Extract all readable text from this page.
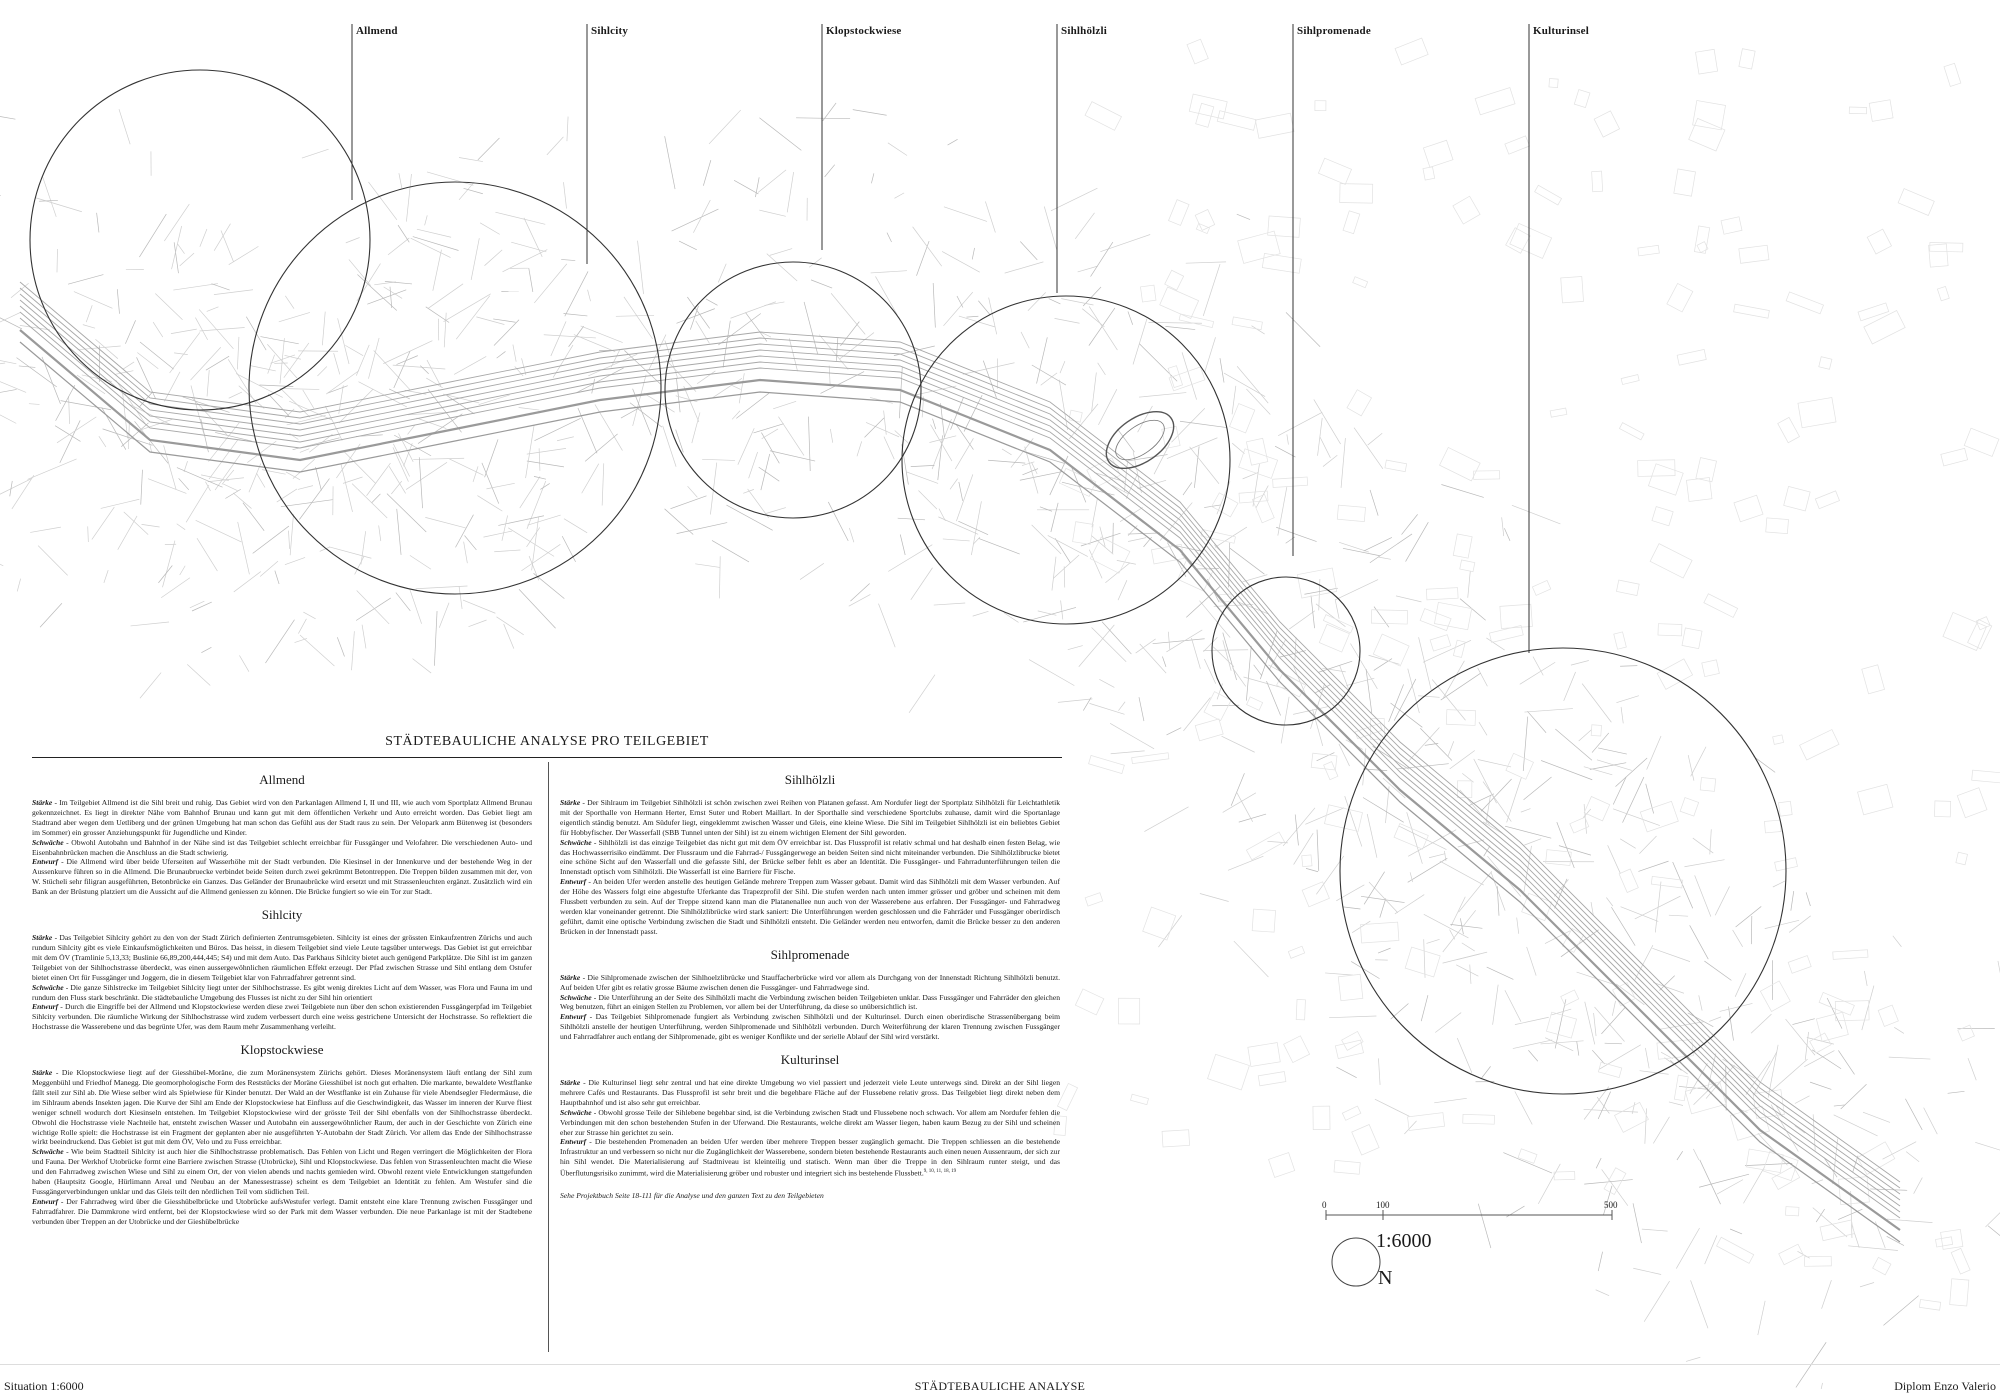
Allmend	Sihlcity	Klopstockwiese	Sihlhölzli	Sihlpromenade	Kulturinsel
STÄDTEBAULICHE ANALYSE PRO TEILGEBIET
Allmend
Stärke - Im Teilgebiet Allmend ist die Sihl breit und ruhig. Das Gebiet wird von den Parkanlagen Allmend I, II und III, wie auch vom Sportplatz Allmend Brunau gekennzeichnet. Es liegt in direkter Nähe vom Bahnhof Brunau und kann gut mit dem öffentlichen Verkehr und Auto erreicht worden. Das Gebiet liegt am Stadtrand aber wegen dem Uetliberg und der grünen Umgebung hat man schon das Gefühl aus der Stadt raus zu sein. Der Velopark anm Bütenweg ist (besonders im Sommer) ein grosser Anziehungspunkt für Jugendliche und Kinder.
Schwäche - Obwohl Autobahn und Bahnhof in der Nähe sind ist das Teilgebiet schlecht erreichbar für Fussgänger und Velofahrer. Die verschiedenen Auto- und Eisenbahnbrücken machen die Anschluss an die Stadt schwierig.
Entwurf - Die Allmend wird über beide Uferseiten auf Wasserhöhe mit der Stadt verbunden. Die Kiesinsel in der Innenkurve und der bestehende Weg in der Aussenkurve führen so in die Allmend. Die Brunaubruecke verbindet beide Seiten durch zwei gekrümmt Betontreppen. Die Treppen bilden zusammen mit der, von W. Stücheli sehr filigran ausgeführten, Betonbrücke ein Ganzes. Das Geländer der Brunaubrücke wird ersetzt und mit Strassenleuchten ergänzt. Zusätzlich wird ein Bank an der Brüstung platziert um die Aussicht auf die Allmend geniessen zu können. Die Brücke fungiert so wie ein Tor zur Stadt.
Sihlcity
Stärke - Das Teilgebiet Sihlcity gehört zu den von der Stadt Zürich definierten Zentrumsgebieten. Sihlcity ist eines der grössten Einkaufzentren Zürichs und auch rundum Sihlcity gibt es viele Einkaufsmöglichkeiten und Büros. Das heisst, in diesem Teilgebiet sind viele Leute tagsüber unterwegs. Das Gebiet ist gut erreichbar mit dem ÖV (Tramlinie 5,13,33; Buslinie 66,89,200,444,445; S4) und mit dem Auto. Das Parkhaus Sihlcity bietet auch genügend Parkplätze. Die Sihl ist im ganzen Teilgebiet von der Sihlhochstrasse überdeckt, was einen aussergewöhnlichen räumlichen Effekt erzeugt. Der Pfad zwischen Strasse und Sihl entlang dem Ostufer bietet einen Ort für Fussgänger und Joggern, die in diesem Teilgebiet klar von Fahrradfahrer getrennt sind.
Schwäche - Die ganze Sihlstrecke im Teilgebiet Sihlcity liegt unter der Sihlhochstrasse. Es gibt wenig direktes Licht auf dem Wasser, was Flora und Fauna im und rundum den Fluss stark beschränkt. Die städtebauliche Umgebung des Flusses ist nicht zu der Sihl hin orientiert
Entwurf - Durch die Eingriffe bei der Allmend und Klopstockwiese werden diese zwei Teilgebiete nun über den schon existierenden Fussgängerpfad im Teilgebiet Sihlcity verbunden. Die räumliche Wirkung der Sihlhochstrasse wird zudem verbessert durch eine weiss gestrichene Untersicht der Hochstrasse. So reflektiert die Hochstrasse die Wasserebene und das begrünte Ufer, was dem Raum mehr Zusammenhang verleiht.
Klopstockwiese
Stärke - Die Klopstockwiese liegt auf der Giesshübel-Moräne, die zum Moränensystem Zürichs gehört. Dieses Moränensystem läuft entlang der Sihl zum Meggenbühl und Friedhof Manegg. Die geomorphologische Form des Reststücks der Moräne Giesshübel ist noch gut erhalten. Die markante, bewaldete Westflanke fällt steil zur Sihl ab. Die Wiese selber wird als Spielwiese für Kinder benutzt. Der Wald an der Westflanke ist ein Zuhause für viele Abendsegler Fledermäuse, die im Sihlraum abends Insekten jagen. Die Kurve der Sihl am Ende der Klopstockwiese hat Einfluss auf die Geschwindigkeit, das Wasser im inneren der Kurve fliest weniger schnell wodurch dort Kiesinseln entstehen. Im Teilgebiet Klopstockwiese wird der grösste Teil der Sihl ebenfalls von der Sihlhochstrasse überdeckt. Obwohl die Hochstrasse viele Nachteile hat, entsteht zwischen Wasser und Autobahn ein aussergewöhnlicher Raum, der auch in der Geschichte von Zürich eine wichtige Rolle spielt: die Hochstrasse ist ein Fragment der geplanten aber nie ausgeführten Y-Autobahn der Stadt Zürich. Vor allem das Ende der Sihlhochstrasse wirkt beeindruckend. Das Gebiet ist gut mit dem ÖV, Velo und zu Fuss erreichbar.
Schwäche - Wie beim Stadtteil Sihlcity ist auch hier die Sihlhochstrasse problematisch. Das Fehlen von Licht und Regen verringert die Möglichkeiten der Flora und Fauna. Der Werkhof Utobrücke formt eine Barriere zwischen Strasse (Utobrücke), Sihl und Klopstockwiese. Das fehlen von Strassenleuchten macht die Wiese und den Fahrradweg zwischen Wiese und Sihl zu einem Ort, der von vielen abends und nachts gemieden wird. Obwohl rezent viele Entwicklungen stattgefunden haben (Hauptsitz Google, Hürlimann Areal und Neubau an der Manessestrasse) scheint es dem Teilgebiet an Identität zu fehlen. Am Westufer sind die Fussgängerverbindungen unklar und das Gleis teilt den nördlichen Teil vom südlichen Teil.
Entwurf - Der Fahrradweg wird über die Giesshübelbrücke und Utobrücke aufsWestufer verlegt. Damit entsteht eine klare Trennung zwischen Fussgänger und Fahrradfahrer. Die Dammkrone wird entfernt, bei der Klopstockwiese wird so der Park mit dem Wasser verbunden. Die neue Parkanlage ist mit der Stadtebene verbunden über Treppen an der Utobrücke und der Gieshübelbrücke
Sihlhölzli
Stärke - Der Sihlraum im Teilgebiet Sihlhölzli ist schön zwischen zwei Reihen von Platanen gefasst. Am Nordufer liegt der Sportplatz Sihlhölzli für Leichtathletik mit der Sporthalle von Hermann Herter, Ernst Suter und Robert Maillart. In der Sporthalle sind verschiedene Sportclubs zuhause, damit wird die Sportanlage eigentlich ständig benutzt. Am Südufer liegt, eingeklemmt zwischen Wasser und Gleis, eine kleine Wiese. Die Sihl im Teilgebiet Sihlhölzli ist ein beliebtes Gebiet für Hobbyfischer. Der Wasserfall (SBB Tunnel unten der Sihl) ist zu einem wichtigen Element der Sihl geworden.
Schwäche - Sihlhölzli ist das einzige Teilgebiet das nicht gut mit dem ÖV erreichbar ist. Das Flussprofil ist relativ schmal und hat deshalb einen festen Belag, wie das Hochwasserrisiko eindämmt. Der Flussraum und die Fahrrad-/ Fussgängerwege an beiden Seiten sind nicht miteinander verbunden. Die Sihlhölzlibrucke bietet eine schöne Sicht auf den Wasserfall und die gefasste Sihl, der Brücke selber fehlt es aber an Identität. Die Fussgänger- und Fahrradunterführungen teilen die Innenstadt optisch vom Sihlhölzli. Die Wasserfall ist eine Barriere für Fische.
Entwurf - An beiden Ufer werden anstelle des heutigen Gelände mehrere Treppen zum Wasser gebaut. Damit wird das Sihlhölzli mit dem Wasser verbunden. Auf der Höhe des Wassers folgt eine abgestufte Uferkante das Trapezprofil der Sihl. Die stufen werden nach unten immer grösser und gröber und scheinen mit dem Flussbett verbunden zu sein. Auf der Treppe sitzend kann man die Platanenallee nun auch von der Wasserebene aus erfahren. Der Fussgänger- und Fahrradweg werden klar voneinander getrennt. Die Sihlhölzlibrücke wird stark saniert: Die Unterführungen werden geschlossen und die Fahrräder und Fussgänger oberirdisch geführt, damit eine optische Verbindung zwischen die Stadt und Sihlhölzli entsteht. Die Geländer werden neu entworfen, damit die Brücke besser zu den anderen Brücken in der Innenstadt passt.
Sihlpromenade
Stärke - Die Sihlpromenade zwischen der Sihlhoelzlibrücke und Stauffacherbrücke wird vor allem als Durchgang von der Innenstadt Richtung Sihlhölzli benutzt. Auf beiden Ufer gibt es relativ grosse Bäume zwischen denen die Fussgänger- und Fahrradwege sind.
Schwäche - Die Unterführung an der Seite des Sihlhölzli macht die Verbindung zwischen beiden Teilgebieten unklar. Dass Fussgänger und Fahrräder den gleichen Weg benutzen, führt an einigen Stellen zu Problemen, vor allem bei der Unterführung, da diese so unübersichtlich ist.
Entwurf - Das Teilgebiet Sihlpromenade fungiert als Verbindung zwischen Sihlhölzli und der Kulturinsel. Durch einen oberirdische Strassenübergang beim Sihlhölzli anstelle der heutigen Unterführung, werden Sihlpromenade und Sihlhölzli verbunden. Durch Weiterführung der klaren Trennung zwischen Fussgänger und Fahrradfahrer auch entlang der Sihlpromenade, gibt es weniger Konflikte und der serielle Ablauf der Sihl wird verstärkt.
Kulturinsel
Stärke - Die Kulturinsel liegt sehr zentral und hat eine direkte Umgebung wo viel passiert und jederzeit viele Leute unterwegs sind. Direkt an der Sihl liegen mehrere Cafés und Restaurants. Das Flussprofil ist sehr breit und die begehbare Fläche auf der Flussebene relativ gross. Das Teilgebiet liegt direkt neben dem Hauptbahnhof und ist also sehr gut erreichbar.
Schwäche - Obwohl grosse Teile der Sihlebene begehbar sind, ist die Verbindung zwischen Stadt und Flussebene noch schwach. Vor allem am Nordufer fehlen die Verbindungen mit den schon bestehenden Stufen in der Uferwand. Die Restaurants, welche direkt am Wasser liegen, haben kaum Bezug zu der Sihl und scheinen eher zur Strasse hin gerichtet zu sein.
Entwurf - Die bestehenden Promenaden an beiden Ufer werden über mehrere Treppen besser zugänglich gemacht. Die Treppen schliessen an die bestehende Infrastruktur an und verbessern so nicht nur die Zugänglichkeit der Wasserebene, sondern bieten bestehende Restaurants auch einen neuen Aussenraum, der sich zur hin Sihl wendet. Die Materialisierung auf Stadtniveau ist kleinteilig und statisch. Wenn man über die Treppe in den Sihlraum runter steigt, und das Überflutungsrisiko zunimmt, wird die Materialisierung gröber und robuster und integriert sich ins bestehende Flussbett.$^{9, 10, 11, 18, 19}$
Sehe Projektbuch Seite 18-111 für die Analyse und den ganzen Text zu den Teilgebieten
0	100	500
1:6000
N
Situation 1:6000	STÄDTEBAULICHE ANALYSE	Diplom Enzo Valerio
